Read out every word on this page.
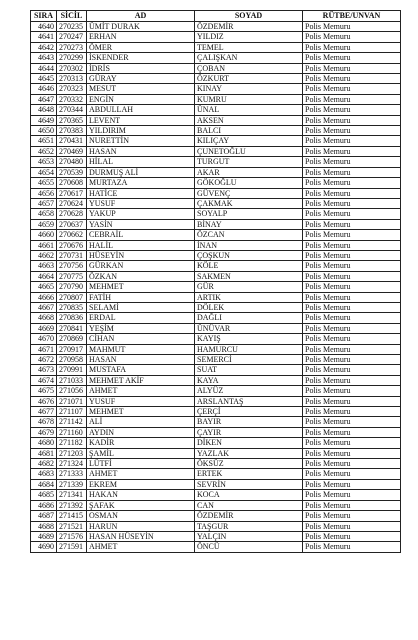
SIRA	SİCİL	AD	SOYAD	RÜTBE/UNVAN
4640	270235	ÜMİT DURAK	ÖZDEMİR	Polis Memuru
4641	270247	ERHAN	YILDIZ	Polis Memuru
4642	270273	ÖMER	TEMEL	Polis Memuru
4643	270299	İSKENDER	ÇALIŞKAN	Polis Memuru
4644	270302	İDRİS	ÇOBAN	Polis Memuru
4645	270313	GÜRAY	ÖZKURT	Polis Memuru
4646	270323	MESUT	KINAY	Polis Memuru
4647	270332	ENGİN	KUMRU	Polis Memuru
4648	270344	ABDULLAH	ÜNAL	Polis Memuru
4649	270365	LEVENT	AKSEN	Polis Memuru
4650	270383	YILDIRIM	BALCI	Polis Memuru
4651	270431	NURETTİN	KILIÇAY	Polis Memuru
4652	270469	HASAN	ÇUNETOĞLU	Polis Memuru
4653	270480	HİLAL	TURGUT	Polis Memuru
4654	270539	DURMUŞ ALİ	AKAR	Polis Memuru
4655	270608	MURTAZA	GÖKOĞLU	Polis Memuru
4656	270617	HATİCE	GÜVENÇ	Polis Memuru
4657	270624	YUSUF	ÇAKMAK	Polis Memuru
4658	270628	YAKUP	SOYALP	Polis Memuru
4659	270637	YASİN	BİNAY	Polis Memuru
4660	270662	CEBRAİL	ÖZCAN	Polis Memuru
4661	270676	HALİL	İNAN	Polis Memuru
4662	270731	HÜSEYİN	ÇOŞKUN	Polis Memuru
4663	270756	GÜRKAN	KÖLE	Polis Memuru
4664	270775	ÖZKAN	SAKMEN	Polis Memuru
4665	270790	MEHMET	GÜR	Polis Memuru
4666	270807	FATİH	ARTIK	Polis Memuru
4667	270835	SELAMİ	DÖLEK	Polis Memuru
4668	270836	ERDAL	DAĞLI	Polis Memuru
4669	270841	YEŞİM	ÜNÜVAR	Polis Memuru
4670	270869	CİHAN	KAYIŞ	Polis Memuru
4671	270917	MAHMUT	HAMURCU	Polis Memuru
4672	270958	HASAN	SEMERCİ	Polis Memuru
4673	270991	MUSTAFA	SUAT	Polis Memuru
4674	271033	MEHMET AKİF	KAYA	Polis Memuru
4675	271056	AHMET	ALYÜZ	Polis Memuru
4676	271071	YUSUF	ARSLANTAŞ	Polis Memuru
4677	271107	MEHMET	ÇERÇİ	Polis Memuru
4678	271142	ALİ	BAYIR	Polis Memuru
4679	271160	AYDIN	ÇAYIR	Polis Memuru
4680	271182	KADİR	DİKEN	Polis Memuru
4681	271203	ŞAMİL	YAZLAK	Polis Memuru
4682	271324	LÜTFİ	ÖKSÜZ	Polis Memuru
4683	271333	AHMET	ERTEK	Polis Memuru
4684	271339	EKREM	SEVRİN	Polis Memuru
4685	271341	HAKAN	KOCA	Polis Memuru
4686	271392	ŞAFAK	CAN	Polis Memuru
4687	271415	OSMAN	ÖZDEMİR	Polis Memuru
4688	271521	HARUN	TAŞGUR	Polis Memuru
4689	271576	HASAN HÜSEYİN	YALÇIN	Polis Memuru
4690	271591	AHMET	ÖNCÜ	Polis Memuru
